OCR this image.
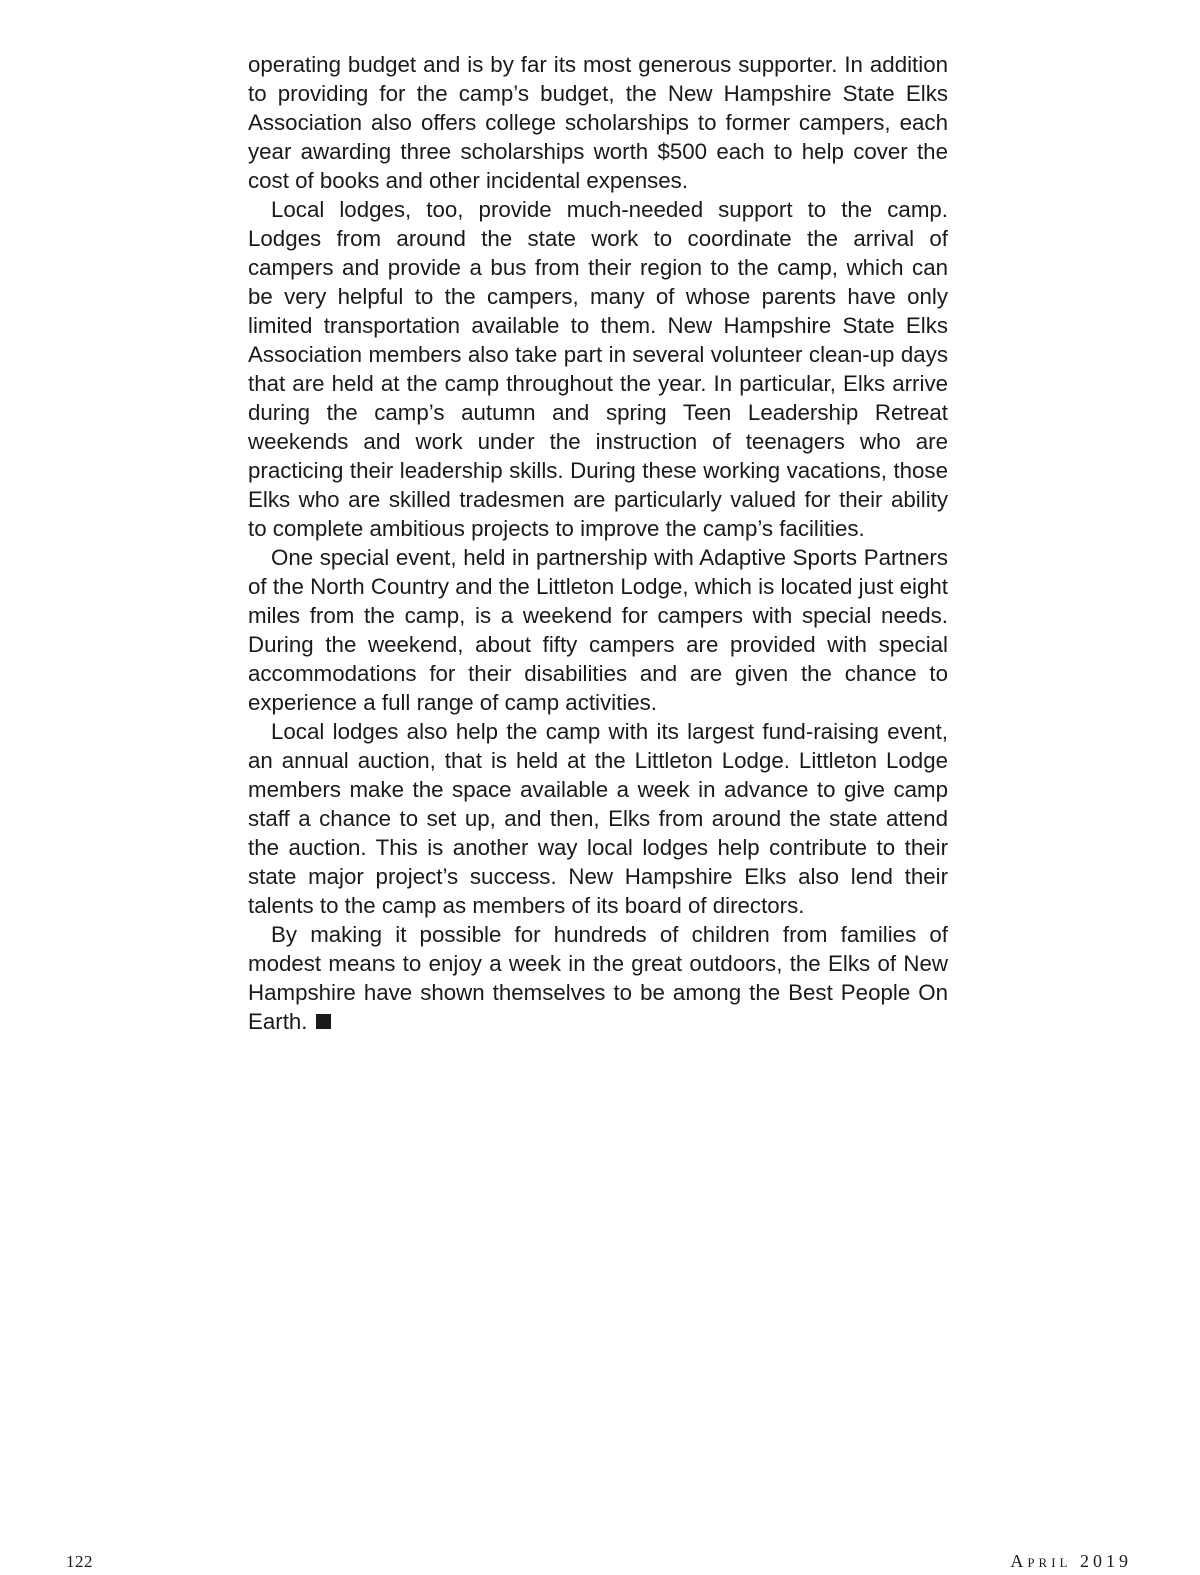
operating budget and is by far its most generous supporter. In addition to providing for the camp’s budget, the New Hampshire State Elks Association also offers college scholarships to former campers, each year awarding three scholarships worth $500 each to help cover the cost of books and other incidental expenses.

Local lodges, too, provide much-needed support to the camp. Lodges from around the state work to coordinate the arrival of campers and provide a bus from their region to the camp, which can be very helpful to the campers, many of whose parents have only limited transportation available to them. New Hampshire State Elks Association members also take part in several volunteer clean-up days that are held at the camp throughout the year. In particular, Elks arrive during the camp’s autumn and spring Teen Leadership Retreat weekends and work under the instruction of teenagers who are practicing their leadership skills. During these working vacations, those Elks who are skilled tradesmen are particularly valued for their ability to complete ambitious projects to improve the camp’s facilities.

One special event, held in partnership with Adaptive Sports Partners of the North Country and the Littleton Lodge, which is located just eight miles from the camp, is a weekend for campers with special needs. During the weekend, about fifty campers are provided with special accommodations for their disabilities and are given the chance to experience a full range of camp activities.

Local lodges also help the camp with its largest fund-raising event, an annual auction, that is held at the Littleton Lodge. Littleton Lodge members make the space available a week in advance to give camp staff a chance to set up, and then, Elks from around the state attend the auction. This is another way local lodges help contribute to their state major project’s success. New Hampshire Elks also lend their talents to the camp as members of its board of directors.

By making it possible for hundreds of children from families of modest means to enjoy a week in the great outdoors, the Elks of New Hampshire have shown themselves to be among the Best People On Earth.

122	April 2019
